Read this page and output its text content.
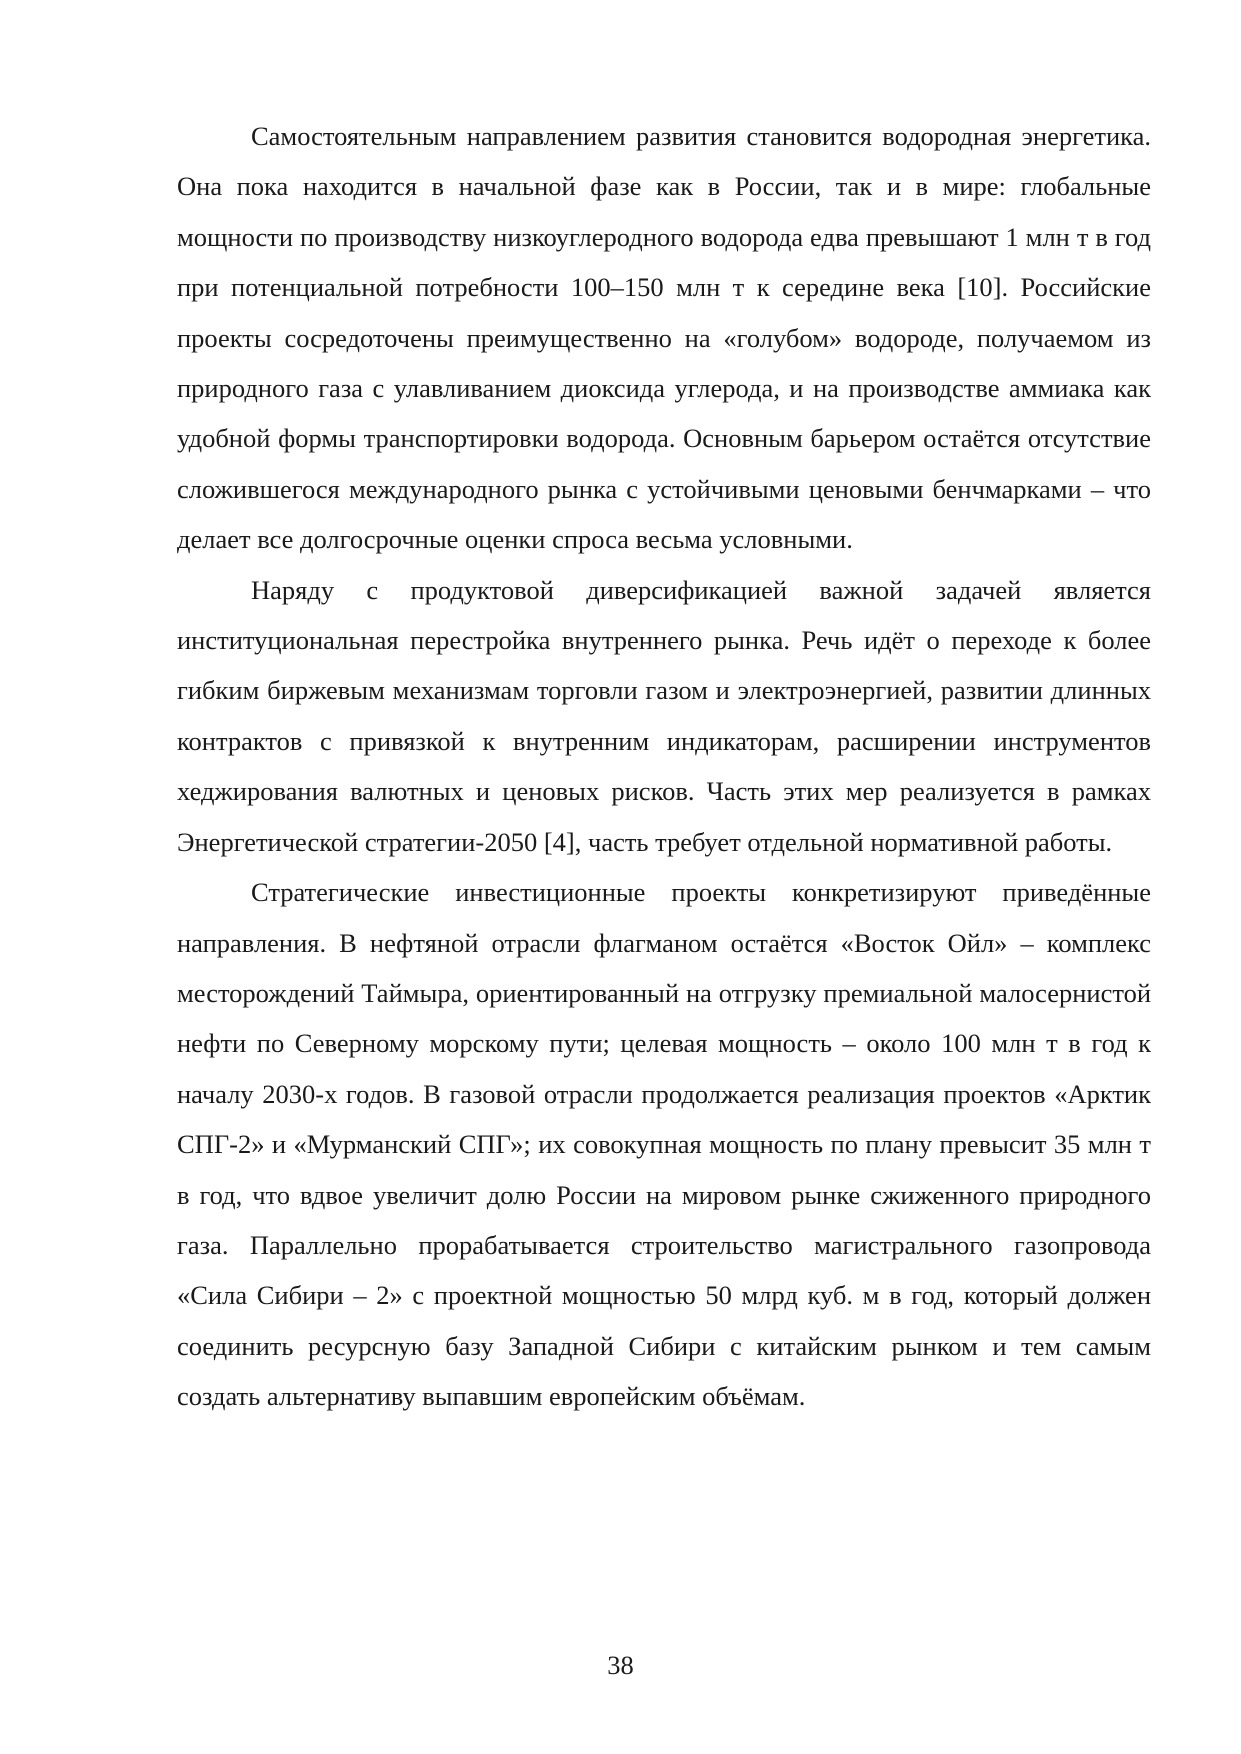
Самостоятельным направлением развития становится водородная энергетика. Она пока находится в начальной фазе как в России, так и в мире: глобальные мощности по производству низкоуглеродного водорода едва превышают 1 млн т в год при потенциальной потребности 100–150 млн т к середине века [10]. Российские проекты сосредоточены преимущественно на «голубом» водороде, получаемом из природного газа с улавливанием диоксида углерода, и на производстве аммиака как удобной формы транспортировки водорода. Основным барьером остаётся отсутствие сложившегося международного рынка с устойчивыми ценовыми бенчмарками – что делает все долгосрочные оценки спроса весьма условными.

Наряду с продуктовой диверсификацией важной задачей является институциональная перестройка внутреннего рынка. Речь идёт о переходе к более гибким биржевым механизмам торговли газом и электроэнергией, развитии длинных контрактов с привязкой к внутренним индикаторам, расширении инструментов хеджирования валютных и ценовых рисков. Часть этих мер реализуется в рамках Энергетической стратегии-2050 [4], часть требует отдельной нормативной работы.

Стратегические инвестиционные проекты конкретизируют приведённые направления. В нефтяной отрасли флагманом остаётся «Восток Ойл» – комплекс месторождений Таймыра, ориентированный на отгрузку премиальной малосернистой нефти по Северному морскому пути; целевая мощность – около 100 млн т в год к началу 2030-х годов. В газовой отрасли продолжается реализация проектов «Арктик СПГ-2» и «Мурманский СПГ»; их совокупная мощность по плану превысит 35 млн т в год, что вдвое увеличит долю России на мировом рынке сжиженного природного газа. Параллельно прорабатывается строительство магистрального газопровода «Сила Сибири – 2» с проектной мощностью 50 млрд куб. м в год, который должен соединить ресурсную базу Западной Сибири с китайским рынком и тем самым создать альтернативу выпавшим европейским объёмам.

38
